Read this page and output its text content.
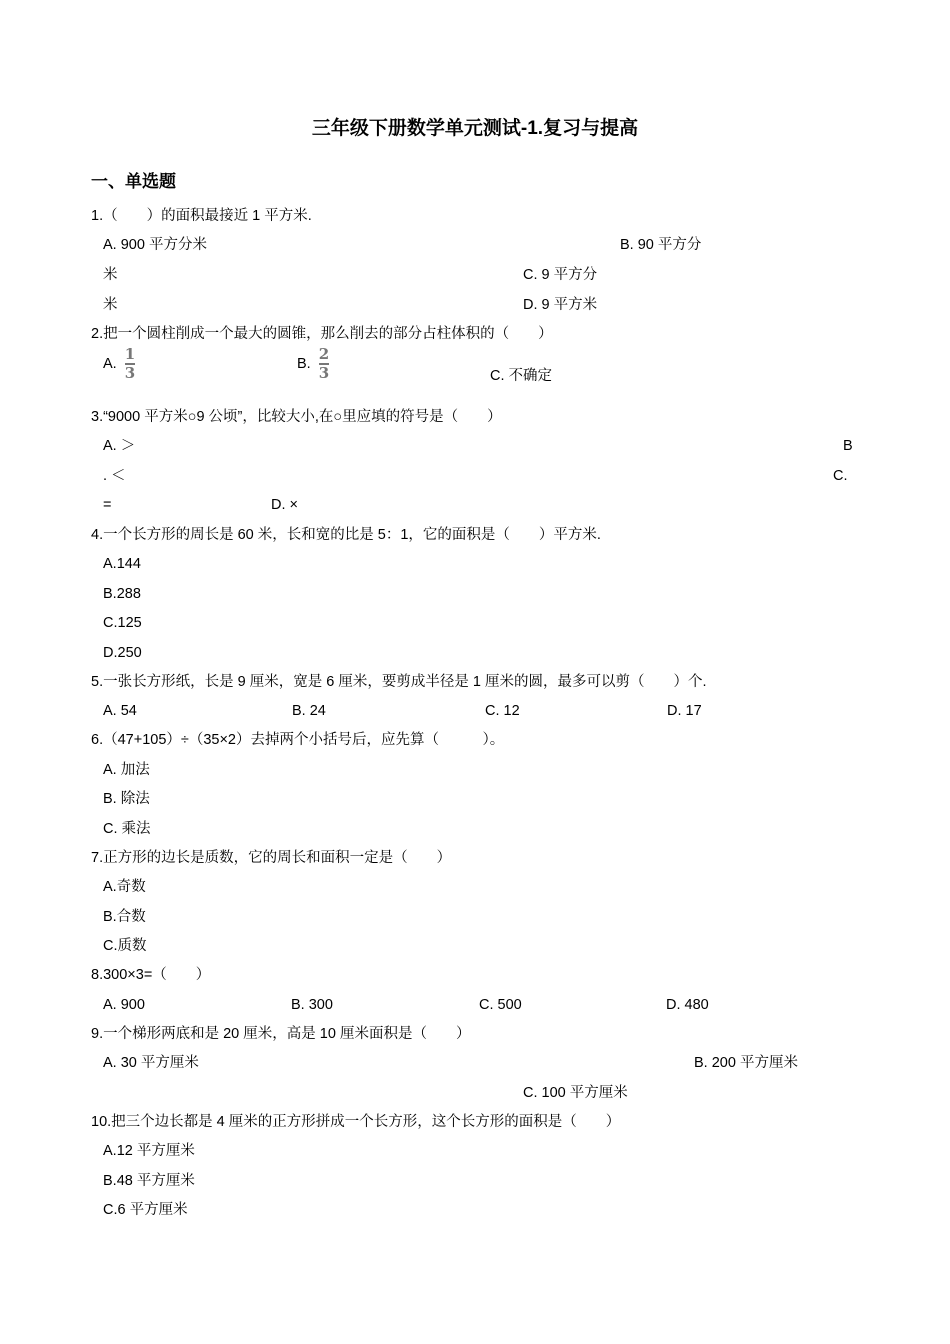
三年级下册数学单元测试-1.复习与提高
一、单选题
1.（　　）的面积最接近 1 平方米.
A. 900 平方分米	B. 90 平方分
米	C. 9 平方分
米	D. 9 平方米
2.把一个圆柱削成一个最大的圆锥，那么削去的部分占柱体积的（　　）
A. $\frac{1}{3}$	B. $\frac{2}{3}$	C. 不确定
3.“9000 平方米○9 公顷”，比较大小,在○里应填的符号是（　　）
A. ＞	B
. ＜	C.
=	D. ×
4.一个长方形的周长是 60 米，长和宽的比是 5：1，它的面积是（　　）平方米.
A.144
B.288
C.125
D.250
5.一张长方形纸，长是 9 厘米，宽是 6 厘米，要剪成半径是 1 厘米的圆，最多可以剪（　　）个.
A. 54	B. 24	C. 12	D. 17
6.（47+105）÷（35×2）去掉两个小括号后，应先算（　　　）。
A. 加法
B. 除法
C. 乘法
7.正方形的边长是质数，它的周长和面积一定是（　　）
A.奇数
B.合数
C.质数
8.300×3=（　　）
A. 900	B. 300	C. 500	D. 480
9.一个梯形两底和是 20 厘米，高是 10 厘米面积是（　　）
A. 30 平方厘米	B. 200 平方厘米
C. 100 平方厘米
10.把三个边长都是 4 厘米的正方形拼成一个长方形，这个长方形的面积是（　　）
A.12 平方厘米
B.48 平方厘米
C.6 平方厘米
